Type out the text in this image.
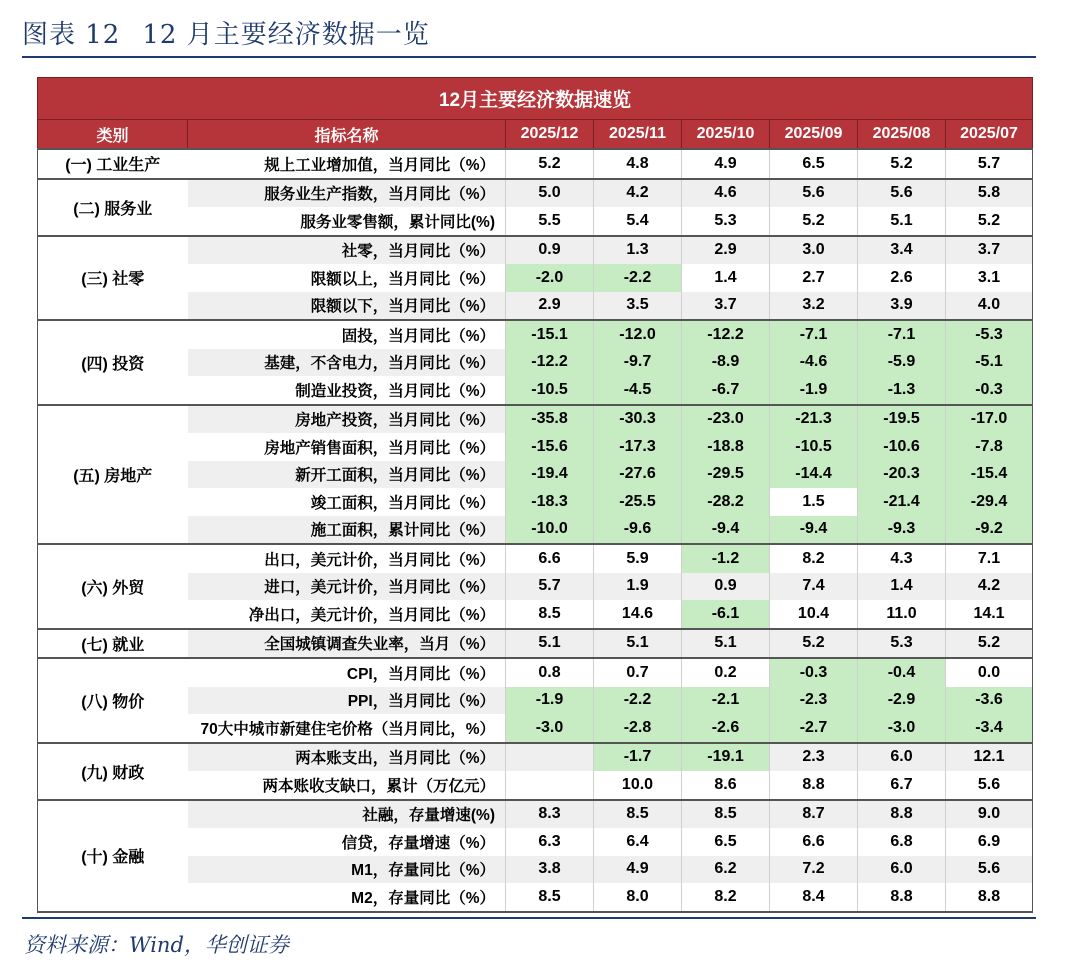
图表 12 12 月主要经济数据一览
12月主要经济数据速览							
类别	指标名称	2025/12	2025/11	2025/10	2025/09	2025/08	2025/07
(一) 工业生产	规上工业增加值，当月同比（%）	5.2	4.8	4.9	6.5	5.2	5.7
(二) 服务业	服务业生产指数，当月同比（%）	5.0	4.2	4.6	5.6	5.6	5.8
	服务业零售额，累计同比(%)	5.5	5.4	5.3	5.2	5.1	5.2
(三) 社零	社零，当月同比（%）	0.9	1.3	2.9	3.0	3.4	3.7
	限额以上，当月同比（%）	-2.0	-2.2	1.4	2.7	2.6	3.1
	限额以下，当月同比（%）	2.9	3.5	3.7	3.2	3.9	4.0
(四) 投资	固投，当月同比（%）	-15.1	-12.0	-12.2	-7.1	-7.1	-5.3
	基建，不含电力，当月同比（%）	-12.2	-9.7	-8.9	-4.6	-5.9	-5.1
	制造业投资，当月同比（%）	-10.5	-4.5	-6.7	-1.9	-1.3	-0.3
(五) 房地产	房地产投资，当月同比（%）	-35.8	-30.3	-23.0	-21.3	-19.5	-17.0
	房地产销售面积，当月同比（%）	-15.6	-17.3	-18.8	-10.5	-10.6	-7.8
	新开工面积，当月同比（%）	-19.4	-27.6	-29.5	-14.4	-20.3	-15.4
	竣工面积，当月同比（%）	-18.3	-25.5	-28.2	1.5	-21.4	-29.4
	施工面积，累计同比（%）	-10.0	-9.6	-9.4	-9.4	-9.3	-9.2
(六) 外贸	出口，美元计价，当月同比（%）	6.6	5.9	-1.2	8.2	4.3	7.1
	进口，美元计价，当月同比（%）	5.7	1.9	0.9	7.4	1.4	4.2
	净出口，美元计价，当月同比（%）	8.5	14.6	-6.1	10.4	11.0	14.1
(七) 就业	全国城镇调查失业率，当月（%）	5.1	5.1	5.1	5.2	5.3	5.2
(八) 物价	CPI，当月同比（%）	0.8	0.7	0.2	-0.3	-0.4	0.0
	PPI，当月同比（%）	-1.9	-2.2	-2.1	-2.3	-2.9	-3.6
	70大中城市新建住宅价格（当月同比，%）	-3.0	-2.8	-2.6	-2.7	-3.0	-3.4
(九) 财政	两本账支出，当月同比（%）		-1.7	-19.1	2.3	6.0	12.1
	两本账收支缺口，累计（万亿元）		10.0	8.6	8.8	6.7	5.6
(十) 金融	社融，存量增速(%)	8.3	8.5	8.5	8.7	8.8	9.0
	信贷，存量增速（%）	6.3	6.4	6.5	6.6	6.8	6.9
	M1，存量同比（%）	3.8	4.9	6.2	7.2	6.0	5.6
	M2，存量同比（%）	8.5	8.0	8.2	8.4	8.8	8.8
资料来源：Wind，华创证券
